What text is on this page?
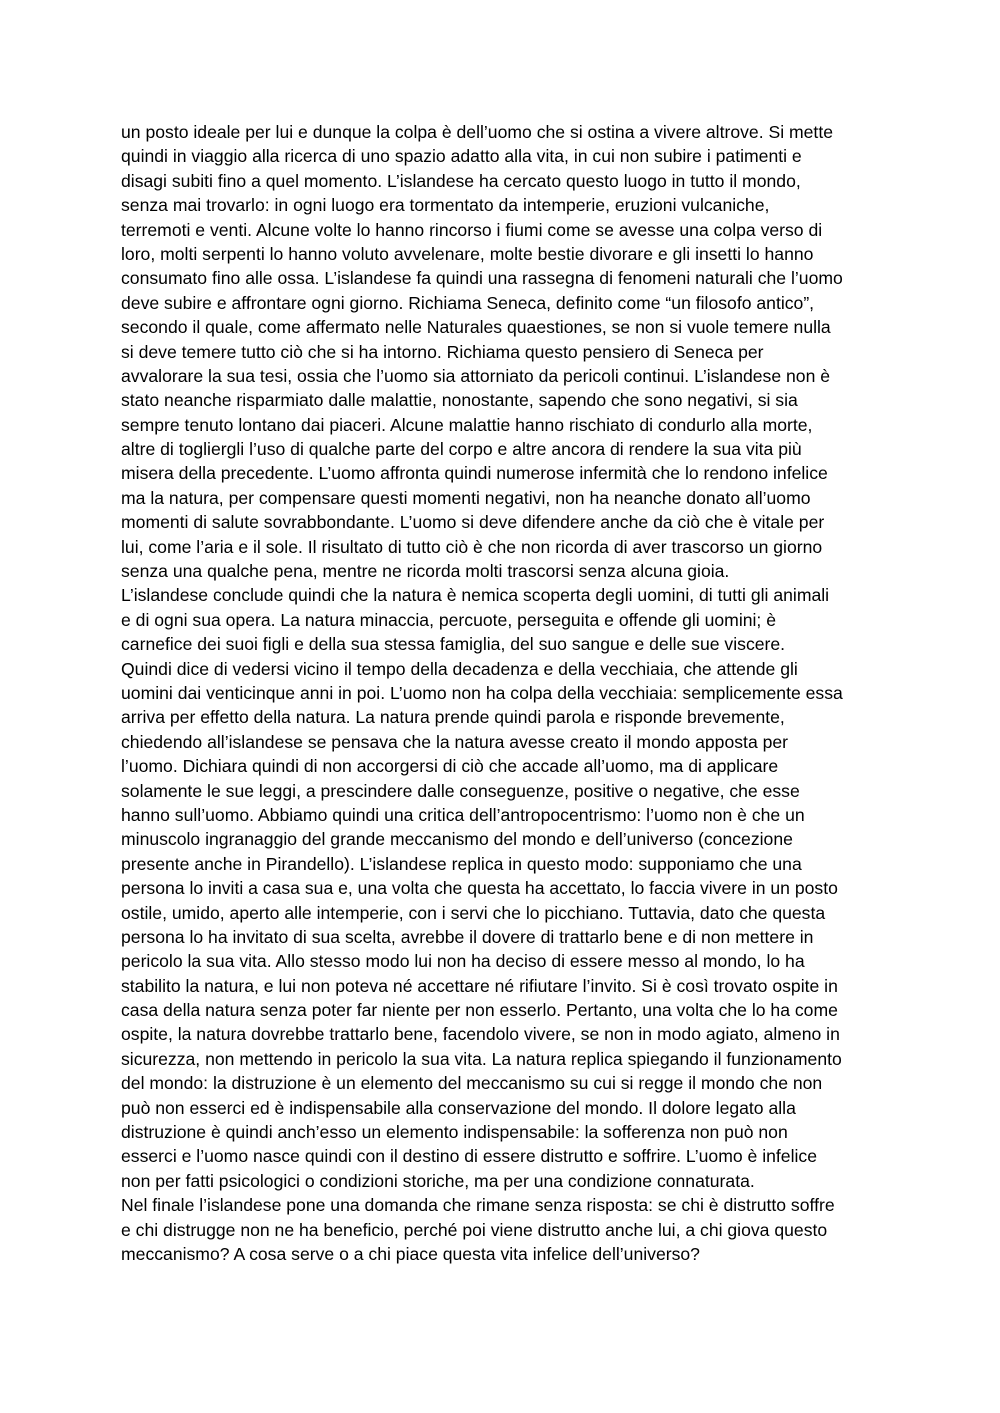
un posto ideale per lui e dunque la colpa è dell’uomo che si ostina a vivere altrove. Si mette
quindi in viaggio alla ricerca di uno spazio adatto alla vita, in cui non subire i patimenti e
disagi subiti fino a quel momento. L’islandese ha cercato questo luogo in tutto il mondo,
senza mai trovarlo: in ogni luogo era tormentato da intemperie, eruzioni vulcaniche,
terremoti e venti. Alcune volte lo hanno rincorso i fiumi come se avesse una colpa verso di
loro, molti serpenti lo hanno voluto avvelenare, molte bestie divorare e gli insetti lo hanno
consumato fino alle ossa. L’islandese fa quindi una rassegna di fenomeni naturali che l’uomo
deve subire e affrontare ogni giorno. Richiama Seneca, definito come “un filosofo antico”,
secondo il quale, come affermato nelle Naturales quaestiones, se non si vuole temere nulla
si deve temere tutto ciò che si ha intorno. Richiama questo pensiero di Seneca per
avvalorare la sua tesi, ossia che l’uomo sia attorniato da pericoli continui. L’islandese non è
stato neanche risparmiato dalle malattie, nonostante, sapendo che sono negativi, si sia
sempre tenuto lontano dai piaceri. Alcune malattie hanno rischiato di condurlo alla morte,
altre di togliergli l’uso di qualche parte del corpo e altre ancora di rendere la sua vita più
misera della precedente. L’uomo affronta quindi numerose infermità che lo rendono infelice
ma la natura, per compensare questi momenti negativi, non ha neanche donato all’uomo
momenti di salute sovrabbondante. L’uomo si deve difendere anche da ciò che è vitale per
lui, come l’aria e il sole. Il risultato di tutto ciò è che non ricorda di aver trascorso un giorno
senza una qualche pena, mentre ne ricorda molti trascorsi senza alcuna gioia.
L’islandese conclude quindi che la natura è nemica scoperta degli uomini, di tutti gli animali
e di ogni sua opera. La natura minaccia, percuote, perseguita e offende gli uomini; è
carnefice dei suoi figli e della sua stessa famiglia, del suo sangue e delle sue viscere.
Quindi dice di vedersi vicino il tempo della decadenza e della vecchiaia, che attende gli
uomini dai venticinque anni in poi. L’uomo non ha colpa della vecchiaia: semplicemente essa
arriva per effetto della natura. La natura prende quindi parola e risponde brevemente,
chiedendo all’islandese se pensava che la natura avesse creato il mondo apposta per
l’uomo. Dichiara quindi di non accorgersi di ciò che accade all’uomo, ma di applicare
solamente le sue leggi, a prescindere dalle conseguenze, positive o negative, che esse
hanno sull’uomo. Abbiamo quindi una critica dell’antropocentrismo: l’uomo non è che un
minuscolo ingranaggio del grande meccanismo del mondo e dell’universo (concezione
presente anche in Pirandello). L’islandese replica in questo modo: supponiamo che una
persona lo inviti a casa sua e, una volta che questa ha accettato, lo faccia vivere in un posto
ostile, umido, aperto alle intemperie, con i servi che lo picchiano. Tuttavia, dato che questa
persona lo ha invitato di sua scelta, avrebbe il dovere di trattarlo bene e di non mettere in
pericolo la sua vita. Allo stesso modo lui non ha deciso di essere messo al mondo, lo ha
stabilito la natura, e lui non poteva né accettare né rifiutare l’invito. Si è così trovato ospite in
casa della natura senza poter far niente per non esserlo. Pertanto, una volta che lo ha come
ospite, la natura dovrebbe trattarlo bene, facendolo vivere, se non in modo agiato, almeno in
sicurezza, non mettendo in pericolo la sua vita. La natura replica spiegando il funzionamento
del mondo: la distruzione è un elemento del meccanismo su cui si regge il mondo che non
può non esserci ed è indispensabile alla conservazione del mondo. Il dolore legato alla
distruzione è quindi anch’esso un elemento indispensabile: la sofferenza non può non
esserci e l’uomo nasce quindi con il destino di essere distrutto e soffrire. L’uomo è infelice
non per fatti psicologici o condizioni storiche, ma per una condizione connaturata.
Nel finale l’islandese pone una domanda che rimane senza risposta: se chi è distrutto soffre
e chi distrugge non ne ha beneficio, perché poi viene distrutto anche lui, a chi giova questo
meccanismo? A cosa serve o a chi piace questa vita infelice dell’universo?
